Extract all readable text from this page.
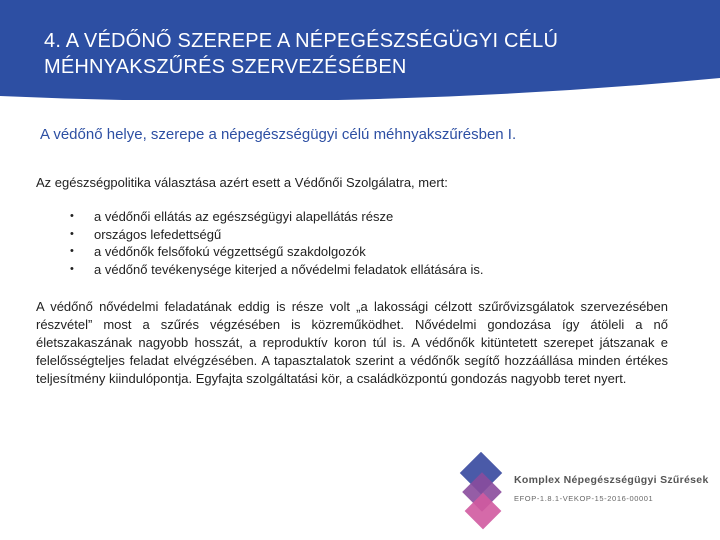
4. A VÉDŐNŐ SZEREPE A NÉPEGÉSZSÉGÜGYI CÉLÚ
MÉHNYAKSZŰRÉS SZERVEZÉSÉBEN

A védőnő helye, szerepe a népegészségügyi célú méhnyakszűrésben I.

Az egészségpolitika választása azért esett a Védőnői Szolgálatra, mert:

• a védőnői ellátás az egészségügyi alapellátás része
• országos lefedettségű
• a védőnők felsőfokú végzettségű szakdolgozók
• a védőnő tevékenysége kiterjed a nővédelmi feladatok ellátására is.

A védőnő nővédelmi feladatának eddig is része volt „a lakossági célzott szűrővizsgálatok szervezésében részvétel” most a szűrés végzésében is közreműködhet. Nővédelmi gondozása így átöleli a nő életszakaszának nagyobb hosszát, a reproduktív koron túl is. A védőnők kitüntetett szerepet játszanak e felelősségteljes feladat elvégzésében. A tapasztalatok szerint a védőnők segítő hozzáállása minden értékes teljesítmény kiindulópontja. Egyfajta szolgáltatási kör, a családközpontú gondozás nagyobb teret nyert.

Komplex Népegészségügyi Szűrések
EFOP-1.8.1-VEKOP-15-2016-00001
